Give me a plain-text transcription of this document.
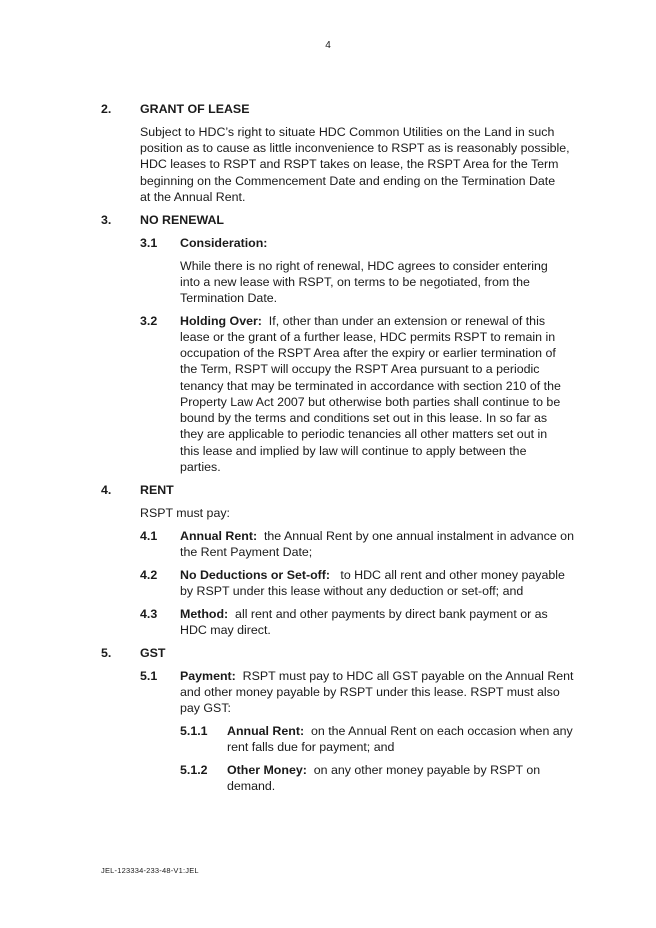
4
2. GRANT OF LEASE
Subject to HDC’s right to situate HDC Common Utilities on the Land in such
position as to cause as little inconvenience to RSPT as is reasonably possible,
HDC leases to RSPT and RSPT takes on lease, the RSPT Area for the Term
beginning on the Commencement Date and ending on the Termination Date
at the Annual Rent.
3. NO RENEWAL
3.1 Consideration:
While there is no right of renewal, HDC agrees to consider entering
into a new lease with RSPT, on terms to be negotiated, from the
Termination Date.
3.2 Holding Over:  If, other than under an extension or renewal of this
lease or the grant of a further lease, HDC permits RSPT to remain in
occupation of the RSPT Area after the expiry or earlier termination of
the Term, RSPT will occupy the RSPT Area pursuant to a periodic
tenancy that may be terminated in accordance with section 210 of the
Property Law Act 2007 but otherwise both parties shall continue to be
bound by the terms and conditions set out in this lease. In so far as
they are applicable to periodic tenancies all other matters set out in
this lease and implied by law will continue to apply between the
parties.
4. RENT
RSPT must pay:
4.1 Annual Rent:  the Annual Rent by one annual instalment in advance on
the Rent Payment Date;
4.2 No Deductions or Set-off:   to HDC all rent and other money payable
by RSPT under this lease without any deduction or set-off; and
4.3 Method:  all rent and other payments by direct bank payment or as
HDC may direct.
5. GST
5.1 Payment:  RSPT must pay to HDC all GST payable on the Annual Rent
and other money payable by RSPT under this lease. RSPT must also
pay GST:
5.1.1 Annual Rent:  on the Annual Rent on each occasion when any
rent falls due for payment; and
5.1.2 Other Money:  on any other money payable by RSPT on
demand.
JEL-123334-233-48-V1:JEL
